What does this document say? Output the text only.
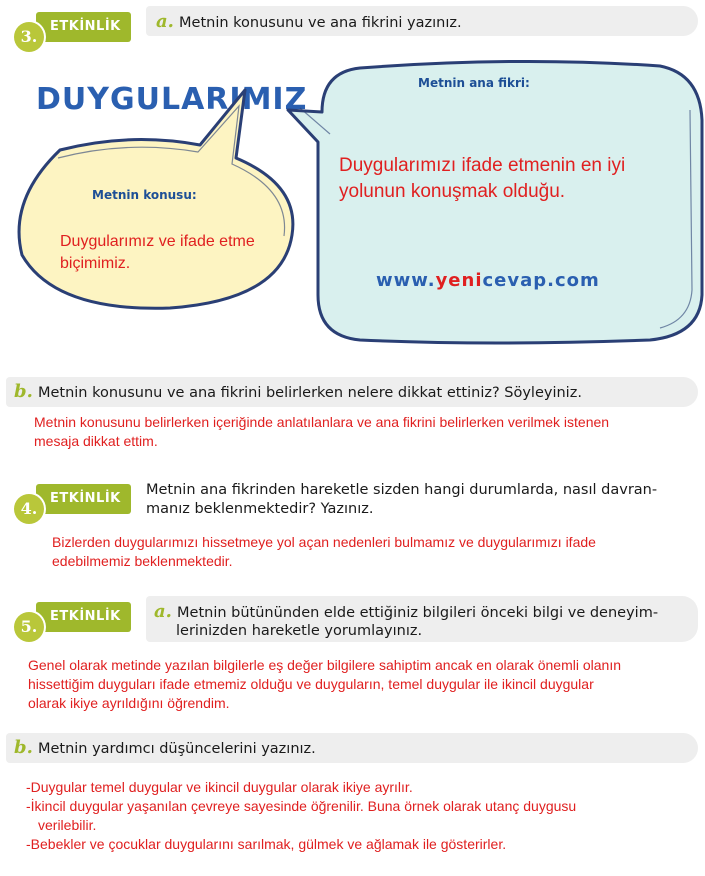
ETKİNLİK
3.
a. Metnin konusunu ve ana fikrini yazınız.
DUYGULARIMIZ
Metnin konusu:
Duygularımız ve ifade etme biçimimiz.
Metnin ana fikri:
Duygularımızı ifade etmenin en iyi yolunun konuşmak olduğu.
www.yenicevap.com
b. Metnin konusunu ve ana fikrini belirlerken nelere dikkat ettiniz? Söyleyiniz.
Metnin konusunu belirlerken içeriğinde anlatılanlara ve ana fikrini belirlerken verilmek istenen
mesaja dikkat ettim.
ETKİNLİK
4.
Metnin ana fikrinden hareketle sizden hangi durumlarda, nasıl davran-
manız beklenmektedir? Yazınız.
Bizlerden duygularımızı hissetmeye yol açan nedenleri bulmamız ve duygularımızı ifade
edebilmemiz beklenmektedir.
ETKİNLİK
5.
a. Metnin bütününden elde ettiğiniz bilgileri önceki bilgi ve deneyim-
lerinizden hareketle yorumlayınız.
Genel olarak metinde yazılan bilgilerle eş değer bilgilere sahiptim ancak en olarak önemli olanın
hissettiğim duyguları ifade etmemiz olduğu ve duyguların, temel duygular ile ikincil duygular
olarak ikiye ayrıldığını öğrendim.
b. Metnin yardımcı düşüncelerini yazınız.
-Duygular temel duygular ve ikincil duygular olarak ikiye ayrılır.
-İkincil duygular yaşanılan çevreye sayesinde öğrenilir. Buna örnek olarak utanç duygusu
verilebilir.
-Bebekler ve çocuklar duygularını sarılmak, gülmek ve ağlamak ile gösterirler.
